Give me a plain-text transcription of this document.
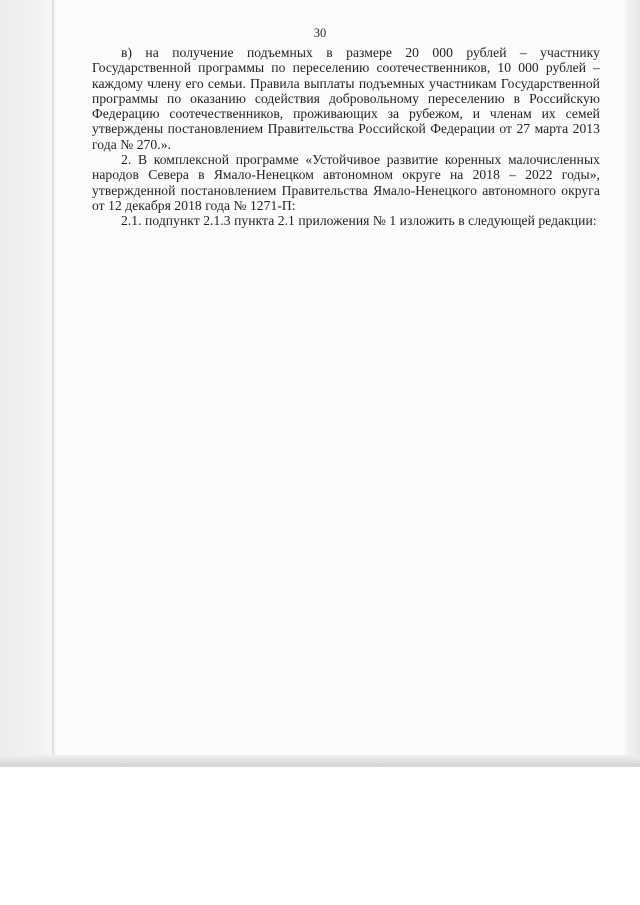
30

в) на получение подъемных в размере 20 000 рублей – участнику Государственной программы по переселению соотечественников, 10 000 рублей – каждому члену его семьи. Правила выплаты подъемных участникам Государственной программы по оказанию содействия добровольному переселению в Российскую Федерацию соотечественников, проживающих за рубежом, и членам их семей утверждены постановлением Правительства Российской Федерации от 27 марта 2013 года № 270.».

2. В комплексной программе «Устойчивое развитие коренных малочисленных народов Севера в Ямало-Ненецком автономном округе на 2018 – 2022 годы», утвержденной постановлением Правительства Ямало-Ненецкого автономного округа от 12 декабря 2018 года № 1271-П:

2.1. подпункт 2.1.3 пункта 2.1 приложения № 1 изложить в следующей редакции:
